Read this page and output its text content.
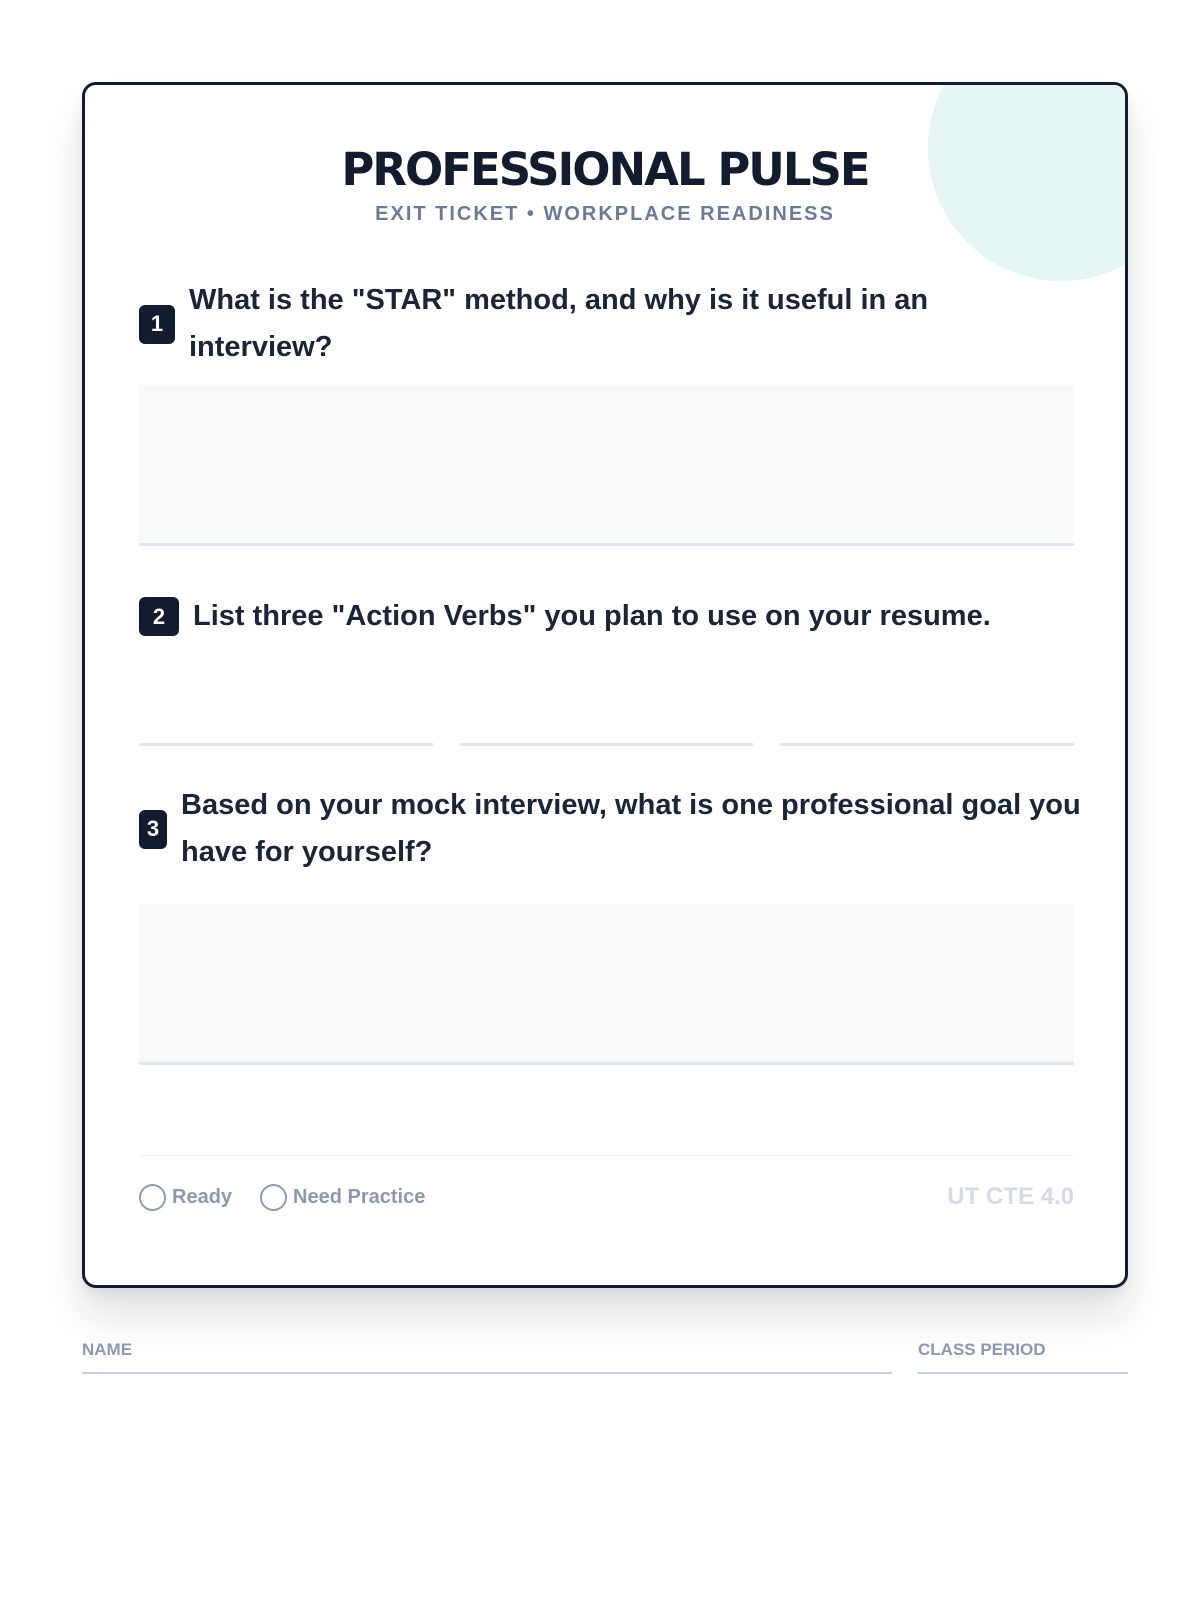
PROFESSIONAL PULSE
EXIT TICKET • WORKPLACE READINESS
1
What is the "STAR" method, and why is it useful in an interview?
2 List three "Action Verbs" you plan to use on your resume.
3
Based on your mock interview, what is one professional goal you have for yourself?
Ready	Need Practice	UT CTE 4.0
NAME	CLASS PERIOD
